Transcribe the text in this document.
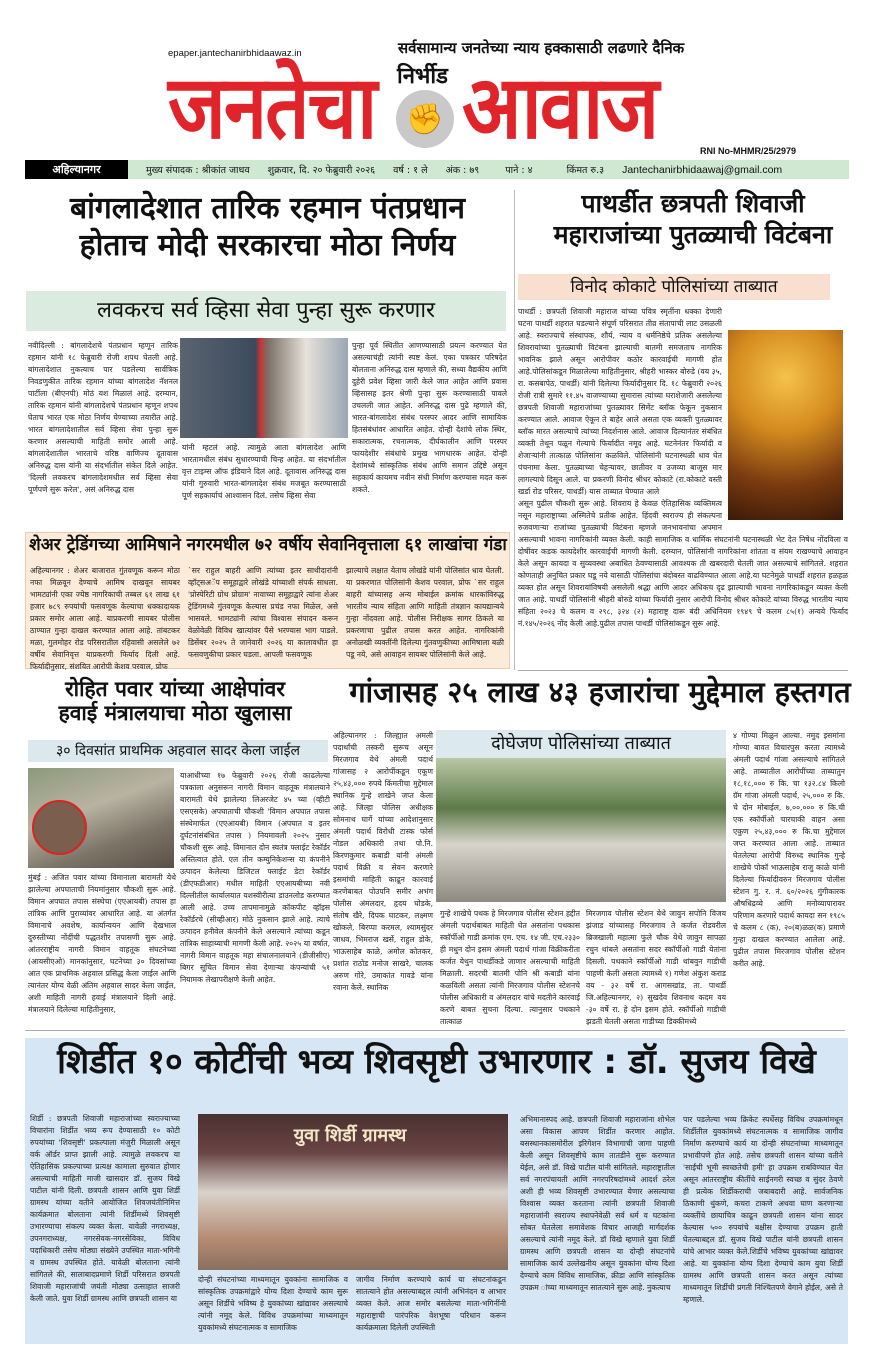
epaper.jantechanirbhidaawaz.in	सर्वसामान्य जनतेच्या न्याय हक्कासाठी लढणारे दैनिक
जनतेचा निर्भीड
✊ आवाज	RNI No-MHMR/25/2979
अहिल्यानगर	मुख्य संपादक : श्रीकांत जाधव शुक्रवार, दि. २० फेब्रुवारी २०२६ वर्ष : १ ले अंक : ७९	पाने : ४	किंमत रु.३ Jantechanirbhidaawaj@gmail.com
बांगलादेशात तारिक रहमान पंतप्रधान
होताच मोदी सरकारचा मोठा निर्णय
लवकरच सर्व व्हिसा सेवा पुन्हा सुरू करणार
नवीदिल्ली : बांगलादेशचे पंतप्रधान म्हणून तारिक रहमान यांनी १८ फेब्रुवारी रोजी शपथ घेतली आहे. बांगलादेशात नुकत्याच पार पडलेल्या सार्वत्रिक निवडणुकीत तारिक रहमान यांच्या बांगलादेश नॅशनल पार्टीला (बीएनपी) मोठं यश मिळालं आहे. दरम्यान, तारिक रहमान यांनी बांगलादेशचे पंतप्रधान म्हणून शपथ घेताच भारत एक मोठा निर्णय घेण्याच्या तयारीत आहे. भारत बांगलादेशातील सर्व व्हिसा सेवा पुन्हा सुरू करणार असल्याची माहिती समोर आली आहे. बांगलादेशातील भारताचे वरिष्ठ वाणिज्य दूतावास अनिरुद्ध दास यांनी या संदर्भातील संकेत दिले आहेत. 'दिल्ली लवकरच बांगलादेशमधील सर्व व्हिसा सेवा पूर्णपणे सुरू करेल', असं अनिरुद्ध दास
यांनी म्हटलं आहे. त्यामुळे आता बांगलादेश आणि भारतामधील संबंध सुधारण्याची चिन्ह आहेत. या संदर्भातील वृत्त टाइम्स ऑफ इंडियाने दिलं आहे. दूतावास अनिरुद्ध दास यांनी गुरुवारी भारत-बांगलादेश संबंध मजबूत करण्यासाठी पूर्ण सहकार्याचं आश्वासन दिलं. तसेच व्हिसा सेवा
पुन्हा पूर्व स्थितीत आणण्यासाठी प्रयत्न करण्यात येत असल्याचंही त्यांनी स्पष्ट केलं. एका पत्रकार परिषदेत बोलताना अनिरुद्ध दास म्हणाले की, सध्या वैद्यकीय आणि दुहेरी प्रवेश व्हिसा जारी केले जात आहेत आणि प्रवास व्हिसासह इतर श्रेणी पुन्हा सुरू करण्यासाठी पावले उचलली जात आहेत. अनिरुद्ध दास पुढे म्हणाले की, भारत-बांगलादेश संबंध परस्पर आदर आणि सामायिक हितसंबंधांवर आधारित आहेत. दोन्ही देशांचे लोक स्थिर, सकारात्मक, रचनात्मक, दीर्घकालीन आणि परस्पर फायदेशीर संबंधांचे प्रमुख भागधारक आहेत. दोन्ही देशांमध्ये सांस्कृतिक संबंध आणि समान उद्दिष्टे असून सहकार्य कायमच नवीन संधी निर्माण करण्यास मदत करू शकते.
शेअर ट्रेडिंगच्या आमिषाने नगरमधील ७२ वर्षीय सेवानिवृत्ताला ६१ लाखांचा गंडा
अहिल्यानगर : शेअर बाजारात गुंतवणूक करून मोठा नफा मिळवून देण्याचे आमिष दाखवून सायबर भामट्यांनी एका ज्येष्ठ नागरिकाची तब्बल ६१ लाख ६१ हजार ७८९ रुपयांची फसवणूक केल्याचा धक्कादायक प्रकार समोर आला आहे. याप्रकरणी सायबर पोलीस ठाण्यात गुन्हा दाखल करण्यात आला आहे. तांबटकर मळा, गुलमोहर रोड परिसरातील रहिवासी असलेले ७२ वर्षीय सेवानिवृत्त याप्रकरणी फिर्याद दिली आहे. फिर्यादीनुसार, संशयित आरोपी केशव परवाल, प्रोफ
`सर राहुल बाहरी आणि त्यांच्या इतर साथीदारांनी व्हॉट्सअॅप समूहाद्वारे लोखंडे यांच्याशी संपर्क साधला. 'प्रोस्पेरिटी ग्रोथ प्रोग्राम' नावाच्या समूहाद्वारे त्यांना शेअर ट्रेडिंगमध्ये गुंतवणूक केल्यास प्रचंड नफा मिळेल, असे भासवले. भामट्यांनी त्यांचा विश्वास संपादन करून वेळोवेळी विविध खात्यांवर पैसे भरण्यास भाग पाडले. डिसेंबर २०२५ ते जानेवारी २०२६ या कालावधीत हा फसवणुकीचा प्रकार घडला. आपली फसवणूक
झाल्याचे लक्षात येताच लोखंडे यांनी पोलिसांत धाव घेतली. या प्रकरणात पोलिसांनी केशव परवाल, प्रोफ `सर राहुल बाहरी यांच्यासह अन्य मोबाईल क्रमांक धारकांविरुद्ध भारतीय न्याय संहिता आणि माहिती तंत्रज्ञान कायद्यान्वये गुन्हा नोंदवला आहे. पोलीस निरीक्षक सागर ठिकले या प्रकरणाचा पुढील तपास करत आहेत. नागरिकांनी अनोळखी व्यक्तींनी दिलेल्या गुंतवणुकीच्या आमिषाला बळी पडू नये, असे आवाहन सायबर पोलिसांनी केले आहे.
पाथर्डीत छत्रपती शिवाजी
महाराजांच्या पुतळ्याची विटंबना
विनोद कोकाटे पोलिसांच्या ताब्यात

पाथर्डी : छत्रपती शिवाजी महाराज यांच्या पवित्र स्मृतींना धक्का देणारी घटना पाथर्डी शहरात घडल्याने संपूर्ण परिसरात तीव्र संतापाची लाट उसळली आहे. स्वराज्याचे संस्थापक, शौर्य, न्याय व धर्मनिष्ठेचे प्रतिक असलेल्या शिवरायांच्या पुतळ्याची विटंबना झाल्याची बातमी समजताच नागरिक भावनिक झाले असून आरोपीवर कठोर कारवाईची मागणी होत आहे.पोलिसांकडून मिळालेल्या माहितीनुसार, श्रीहरी भास्कर बोरुडे (वय ३५, रा. कसबापेठ, पाथर्डी) यांनी दिलेल्या फिर्यादीनुसार दि. १८ फेब्रुवारी २०२६ रोजी रात्री सुमारे ११.४५ वाजण्याच्या सुमारास त्यांच्या घराशेजारी असलेल्या छत्रपती शिवाजी महाराजांच्या पुतळ्यावर सिमेंट ब्लॉक फेकून नुकसान करण्यात आले. आवाज ऐकून ते बाहेर आले असता एक व्यक्ती पुतळ्यावर ब्लॉक मारत असल्याचे त्यांच्या निदर्शनास आले. आवाज दिल्यानंतर संबंधित व्यक्ती तेथून पळून गेल्याचे फिर्यादीत नमूद आहे. घटनेनंतर फिर्यादी व शेजाऱ्यांनी तात्काळ पोलिसांना कळविले. पोलिसांनी घटनास्थळी धाव घेत पंचनामा केला. पुतळ्याच्या चेहऱ्यावर, छातीवर व उजव्या बाजूस मार लागल्याचे दिसून आले. या प्रकरणी विनोद श्रीधर कोकाटे (रा.कोकाटे वस्ती खर्डा रोड परिसर, पाथर्डी) यास ताब्यात घेण्यात आले

असून पुढील चौकशी सुरू आहे. शिवराय हे केवळ ऐतिहासिक व्यक्तिमत्व नसून महाराष्ट्राच्या अस्मितेचे प्रतीक आहेत. हिंदवी स्वराज्य ही संकल्पना रुजवणाऱ्या राजांच्या पुतळ्याची विटंबना म्हणजे जनभावनांचा अपमान असल्याची भावना नागरिकांनी व्यक्त केली. काही सामाजिक व धार्मिक संघटनांनी घटनास्थळी भेट देत निषेध नोंदविला व दोषींवर कडक कायदेशीर कारवाईची मागणी केली. दरम्यान, पोलिसांनी नागरिकांना शांतता व संयम राखण्याचे आवाहन केले असून कायदा व सुव्यवस्था अबाधित ठेवण्यासाठी आवश्यक ती खबरदारी घेतली जात असल्याचे सांगितले. शहरात कोणताही अनुचित प्रकार घडू नये यासाठी पोलिसांचा बंदोबस्त वाढविण्यात आला आहे.या घटनेमुळे पाथर्डी शहरात हळहळ व्यक्त होत असून शिवरायांविषयी असलेली श्रद्धा आणि आदर अधिकच दृढ झाल्याची भावना नागरिकांकडून व्यक्त केली जात आहे. पाथर्डी पोलिसांनी श्रीहरी बोरुडे यांच्या फिर्यादी नुसार आरोपी विनोद श्रीधर कोकाटे यांच्या विरुद्ध भारतीय न्याय संहिता २०२३ चे कलम व २९८, ३२४ (२) महाराष्ट्र दारू बंदी अधिनियम १९४९ चे कलम ८५(१) अन्वये फिर्याद नं.१४५/२०२६ नोंद केली आहे.पुढील तपास पाथर्डी पोलिसांकडून सुरू आहे.

रोहित पवार यांच्या आक्षेपांवर
हवाई मंत्रालयाचा मोठा खुलासा
३० दिवसांत प्राथमिक अहवाल सादर केला जाईल
मुंबई : अजित पवार यांच्या विमानाला बारामती येथे झालेल्या अपघाताची नियमांनुसार चौकशी सुरू आहे. विमान अपघात तपास संस्थेचा (एएआयबी) तपास हा तांत्रिक आणि पुराव्यांवर आधारित आहे. या अंतर्गत विमानाचे अवशेष, कार्यान्वयन आणि देखभाल दुरुस्तीच्या नोंदींची पद्धतशीर तपासणी सुरू आहे. आंतरराष्ट्रीय नागरी विमान वाहतूक संघटनेच्या (आयसीएओ) मानकांनुसार, घटनेच्या ३० दिवसांच्या आत एक प्राथमिक अहवाल प्रसिद्ध केला जाईल आणि त्यानंतर योग्य वेळी अंतिम अहवाल सादर केला जाईल, अशी माहिती नागरी हवाई मंत्रालयाने दिली आहे. मंत्रालयाने दिलेल्या माहितीनुसार,
याआधीच्या १७ फेब्रुवारी २०२६ रोजी काढलेल्या पत्रकाला अनुसरून नागरी विमान वाहतूक मंत्रालयाने बारामती येथे झालेल्या लिअरजेट ४५ च्या (व्हीटी एसएसके) अपघाताची चौकशी 'विमान अपघात तपास संस्थेमार्फत (एएआयबी) विमान (अपघात व इतर दुर्घटनांसंबंधित तपास ) नियमावली २०२५ नुसार चौकशी सुरू आहे. विमानात दोन स्वतंत्र फ्लाईट रेकॉर्डर अस्तित्वात होते. एल तीन कम्युनिकेशन्स या कंपनीने उत्पादन केलेल्या डिजिटल फ्लाईट डेटा रेकॉर्डर (डीएफडीआर) मधील माहिती एएआयबीच्या नवी दिल्लीतील कार्यालयात यशस्वीरीत्या डाउनलोड करण्यात आली आहे. उच्च तापमानामुळे कॉकपीट व्हॉइस रेकॉर्डरचे (सीव्हीआर) मोठे नुकसान झाले आहे. त्याचे उत्पादन हनीवेल कंपनीने केले असल्याने त्यांच्या कडून तांत्रिक साहाय्याची मागणी केली आहे. २०२५ या वर्षात, नागरी विमान वाहतूक महा संचालनालयाने (डीजीसीए) बिगर सूचित विमान सेवा देणाऱ्या कंपन्यांची ५१ नियामक लेखापरीक्षणे केली आहेत.
गांजासह २५ लाख ४३ हजारांचा मुद्देमाल हस्तगत
अहिल्यानगर : जिल्ह्यात अमली पदार्थांची तस्करी सुरूच असून मिरजगाव येथे अंमली पदार्थ गांजासह २ आरोपींकडून एकूण २५,४३,००० रुपये किंमतीचा मुद्देमाल स्थानिक गुन्हे शाखेने जप्त केला आहे. जिल्हा पोलिस अधीक्षक सोमनाथ घार्गे यांच्या आदेशानुसार अंमली पदार्थ विरोधी टास्क फोर्स नोडल अधिकारी तथा पो.नि. किरणकुमार कबाडी यांनी अंमली पदार्थ विक्री व सेवन करणारे इसमांची माहिती काढून कारवाई करणेबाबत पोउपनि समीर अभंग पोलीस अंमलदार, हृदय घोडके, संतोष खैरे, दिपक घाटकर, लक्ष्मण खोकले, बिरप्पा करमल, श्यामसुंदर जाधव, भिमराज खर्से, राहुल डोके, भाऊसाहेब काळे, अमोल कोतकर, प्रशांत राठोड मनोज साखरे, चालक अरुण गोरे, उमाकांत गावडे यांना रवाना केले. स्थानिक
दोघेजण पोलिसांच्या ताब्यात
गुन्हे शाखेचे पथक हे मिरजगाव पोलीस स्टेशन हद्दीत अंमली पदार्थबाबत माहिती घेत असतांना पथकास स्कॉर्पीओ गाडी क्रमांक एम. एच. १४ जी. एच.२३३० ही मधुन दोन इसम अंमली पदार्थ गांजा विक्रीकरीता कर्जत येथुन पाथर्डीकडे जाणार असल्याची माहिती मिळाली. सदरची बातमी पोनि श्री कबाडी यांना कळविली असता त्यांनी मिरजगाव पोलीस स्टेशनचे पोलीस अधिकारी व अंमलदार यांचे मदतीने कारवाई करणे बाबत सुचना दिल्या. त्यानुसार पथकाने तात्काळ
मिरजगाव पोलीस स्टेशन येथे जावुन सपोनि विजय झंजाड यांच्यासह मिरजगाव ते कर्जत रोडवरील ब्रिजखाली महात्मा फुले चौक येथे जावुन सापळा रचुन थांबले असतांना सदर स्कॉर्पीओ गाडी येतांना दिसली. पथकाने स्कॉर्पीओ गाडी थांबवुन गाडीची पाहणी केली असता त्यामध्ये १) गणेश अंकुश कराड वय - ३२ वर्षे रा. आगसखांड, ता. पाथर्डी जि.अहिल्यानगर, २) सुखदेव शिवनाथ कदम वय -३० वर्षे रा. हे दोन इसम होते. स्कॉर्पीओ गाडीची झडती घेतली असता गाडीच्या डिक्कीमध्ये
४ गोण्या मिळुन आल्या. नमुद इसमांना गोण्या बावत विचारपुस करता त्यामध्ये अंमली पदार्थ गांजा असल्याचे सांगितले आहे. ताब्यातील आरोपींच्या ताब्यातुन १८,१८,००० रु कि. चा १३२.८४ किलो ग्रॅम गांजा अंमली पदार्थ, २५,००० रु कि. चे दोन मोबाईल, ७,००,००० रु कि.ची एक स्कॉर्पीओ चारचाकी वाहन असा एकुण २५,४३,००० रु कि.चा मुद्देमाल जप्त करण्यात आला आहे. ताब्यात घेतलेल्या आरोपी विरुध्द स्थानिक गुन्हे शाखेचे पोकॉ भाऊसाहेब राजु काळे यांनी दिलेल्या फिर्यादीवरुन मिरजगाव पोलीस स्टेशन गु. र. नं. ६०/२०२६ गुंगीकारक औषधिद्रव्ये आणि मनोव्यापारावर परिणाम करणारे पदार्थ कायदा सन १९८५ चे कलम ८ (क), २०(ब)ळळ(क) प्रमाणे गुन्हा दाखल करण्यात आलेला आहे. पुढील तपास मिरजगाव पोलीस स्टेशन करीत आहे.
शिर्डीत १० कोटींची भव्य शिवसृष्टी उभारणार : डॉ. सुजय विखे
शिर्डी : छत्रपती शिवाजी महाराजांच्या स्वराज्याच्या विचारांना शिर्डीत भव्य रूप देण्यासाठी १० कोटी रुपयांच्या 'शिवसृष्टी' प्रकल्पाला मंजुरी मिळाली असून वर्क ऑर्डर प्राप्त झाली आहे. त्यामुळे लवकरच या ऐतिहासिक प्रकल्पाच्या प्रत्यक्ष कामाला सुरुवात होणार असल्याची माहिती माजी खासदार डॉ. सुजय विखे पाटील यांनी दिली. छत्रपती शासन आणि युवा शिर्डी ग्रामस्थ यांच्या वतीने आयोजित शिवजयंतीनिमित्त कार्यक्रमात बोलताना त्यांनी शिर्डीमध्ये शिवसृष्टी उभारण्याचा संकल्प व्यक्त केला. यावेळी नगराध्यक्ष, उपनगराध्यक्ष, नगरसेवक-नगरसेविका, विविध पदाधिकारी तसेच मोठ्या संख्येने उपस्थित माता-भगिनी व ग्रामस्थ उपस्थित होते. यावेळी बोलताना त्यांनी सांगितले की, सालाबादप्रमाणे शिर्डी परिसरात छत्रपती शिवाजी महाराजांची जयंती मोठ्या उत्साहात साजरी केली जाते. युवा शिर्डी ग्रामस्थ आणि छत्रपती शासन या
युवा शिर्डी ग्रामस्थ
दोन्ही संघटनांच्या माध्यमातून युवकांना सामाजिक व सांस्कृतिक उपक्रमांद्वारे योग्य दिशा देण्याचे काम सुरू असून शिर्डीचे भविष्य हे युवकांच्या खांद्यावर असल्याचे त्यांनी नमूद केले. विविध उपक्रमांच्या माध्यमातून युवकांमध्ये संघटनात्मक व सामाजिक
जागीव निर्माण करण्याचे कार्य या संघटनांकडून सातत्याने होत असल्याबद्दल त्यांनी अभिनंदन व आभार व्यक्त केले. आज समोर बसलेल्या माता-भगिनींनी महाराष्ट्राची पारंपरिक वेशभूषा परिधान करून कार्यक्रमाला दिलेली उपस्थिती
अभिमानास्पद आहे. छत्रपती शिवाजी महाराजांना शोभेल असा विकास आपण शिर्डीत करणार आहोत. बसस्थानकासमोरील इरिगेशन विभागाची जागा पाहणी केली असून शिवसृष्टीचे काम तातडीने सुरू करण्यात येईल, असे डॉ. विखे पाटील यांनी सांगितले. महाराष्ट्रातील सर्व नगरपंचायती आणि नगरपरिषदांमध्ये आदर्श ठरेल अशी ही भव्य शिवसृष्टी उभारण्यात येणार असल्याचा विश्वास व्यक्त करताना त्यांनी छत्रपती शिवाजी महाराजांनी स्वराज्य स्थापनेवेळी सर्व धर्म व घटकांना सोबत घेतलेला समावेशक विचार आजही मार्गदर्शक असल्याचे त्यांनी नमूद केले. डॉ विखे म्हणाले युवा शिर्डी ग्रामस्थ आणि छत्रपती शासन या दोन्ही संघटनांचे सामाजिक कार्य उल्लेखनीय असून युवकांना योग्य दिशा देण्याचे काम विविध सामाजिक, क्रीडा आणि सांस्कृतिक उपक्रम ांच्या माध्यमातून सातत्याने सुरू आहे. नुकत्याच
पार पडलेल्या भव्य क्रिकेट स्पर्धेसह विविध उपक्रमांमधून शिर्डीतील युवकांमध्ये संघटनात्मक व सामाजिक जागीव निर्माण करण्याचे कार्य या दोन्ही संघटनांच्या माध्यमातून प्रभावीपणे होत आहे. तसेच छत्रपती शासन यांच्या वतीने 'साईंची भूमी स्वच्छतेची हमी' हा उपक्रम राबविण्यात येत असून आंतरराष्ट्रीय कीर्तीचे साईनगरी स्वच्छ व सुंदर ठेवणे ही प्रत्येक शिर्डीकराची जबाबदारी आहे. सार्वजनिक ठिकाणी थुंकणे, कचरा टाकणे अथवा घाण करणाऱ्या व्यक्तींचे छायाचित्र काढून छत्रपती शासन यांना सादर केल्यास ५०० रुपयांचे बक्षीस देण्याचा उपक्रम हाती घेतल्याबद्दल डॉ. सुजय विखे पाटील यांनी छत्रपती शासन यांचे आभार व्यक्त केले.शिर्डीचे भविष्य युवकांच्या खांद्यावर आहे. या युवकांना योग्य दिशा देण्याचे काम युवा शिर्डी ग्रामस्थ आणि छत्रपती शासन करत असून त्यांच्या माध्यमातून शिर्डीची प्रगती निश्चितपणे वेगाने होईल, असे ते म्हणाले.
